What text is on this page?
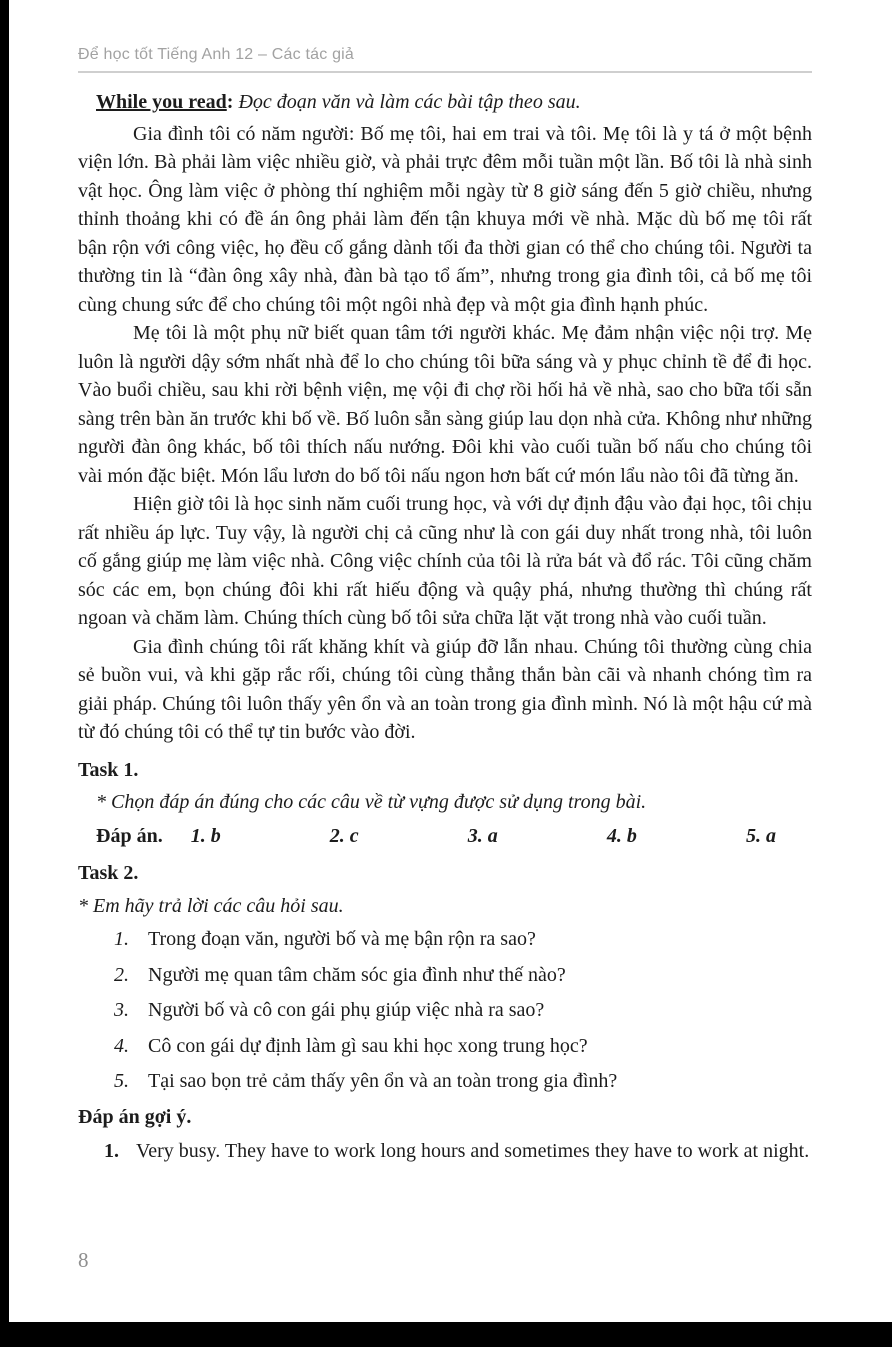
Để học tốt Tiếng Anh 12 – Các tác giả

While you read: Đọc đoạn văn và làm các bài tập theo sau.

Gia đình tôi có năm người: Bố mẹ tôi, hai em trai và tôi. Mẹ tôi là y tá ở một bệnh viện lớn. Bà phải làm việc nhiều giờ, và phải trực đêm mỗi tuần một lần. Bố tôi là nhà sinh vật học. Ông làm việc ở phòng thí nghiệm mỗi ngày từ 8 giờ sáng đến 5 giờ chiều, nhưng thỉnh thoảng khi có đề án ông phải làm đến tận khuya mới về nhà. Mặc dù bố mẹ tôi rất bận rộn với công việc, họ đều cố gắng dành tối đa thời gian có thể cho chúng tôi. Người ta thường tin là “đàn ông xây nhà, đàn bà tạo tổ ấm”, nhưng trong gia đình tôi, cả bố mẹ tôi cùng chung sức để cho chúng tôi một ngôi nhà đẹp và một gia đình hạnh phúc.

Mẹ tôi là một phụ nữ biết quan tâm tới người khác. Mẹ đảm nhận việc nội trợ. Mẹ luôn là người dậy sớm nhất nhà để lo cho chúng tôi bữa sáng và y phục chỉnh tề để đi học. Vào buổi chiều, sau khi rời bệnh viện, mẹ vội đi chợ rồi hối hả về nhà, sao cho bữa tối sẵn sàng trên bàn ăn trước khi bố về. Bố luôn sẵn sàng giúp lau dọn nhà cửa. Không như những người đàn ông khác, bố tôi thích nấu nướng. Đôi khi vào cuối tuần bố nấu cho chúng tôi vài món đặc biệt. Món lẩu lươn do bố tôi nấu ngon hơn bất cứ món lẩu nào tôi đã từng ăn.

Hiện giờ tôi là học sinh năm cuối trung học, và với dự định đậu vào đại học, tôi chịu rất nhiều áp lực. Tuy vậy, là người chị cả cũng như là con gái duy nhất trong nhà, tôi luôn cố gắng giúp mẹ làm việc nhà. Công việc chính của tôi là rửa bát và đổ rác. Tôi cũng chăm sóc các em, bọn chúng đôi khi rất hiếu động và quậy phá, nhưng thường thì chúng rất ngoan và chăm làm. Chúng thích cùng bố tôi sửa chữa lặt vặt trong nhà vào cuối tuần.

Gia đình chúng tôi rất khăng khít và giúp đỡ lẫn nhau. Chúng tôi thường cùng chia sẻ buồn vui, và khi gặp rắc rối, chúng tôi cùng thẳng thắn bàn cãi và nhanh chóng tìm ra giải pháp. Chúng tôi luôn thấy yên ổn và an toàn trong gia đình mình. Nó là một hậu cứ mà từ đó chúng tôi có thể tự tin bước vào đời.

Task 1.

* Chọn đáp án đúng cho các câu về từ vựng được sử dụng trong bài.

Đáp án. 1. b	2. c	3. a	4. b	5. a

Task 2.

* Em hãy trả lời các câu hỏi sau.

1. Trong đoạn văn, người bố và mẹ bận rộn ra sao?
2. Người mẹ quan tâm chăm sóc gia đình như thế nào?
3. Người bố và cô con gái phụ giúp việc nhà ra sao?
4. Cô con gái dự định làm gì sau khi học xong trung học?
5. Tại sao bọn trẻ cảm thấy yên ổn và an toàn trong gia đình?

Đáp án gợi ý.

1. Very busy. They have to work long hours and sometimes they have to work at night.
8
